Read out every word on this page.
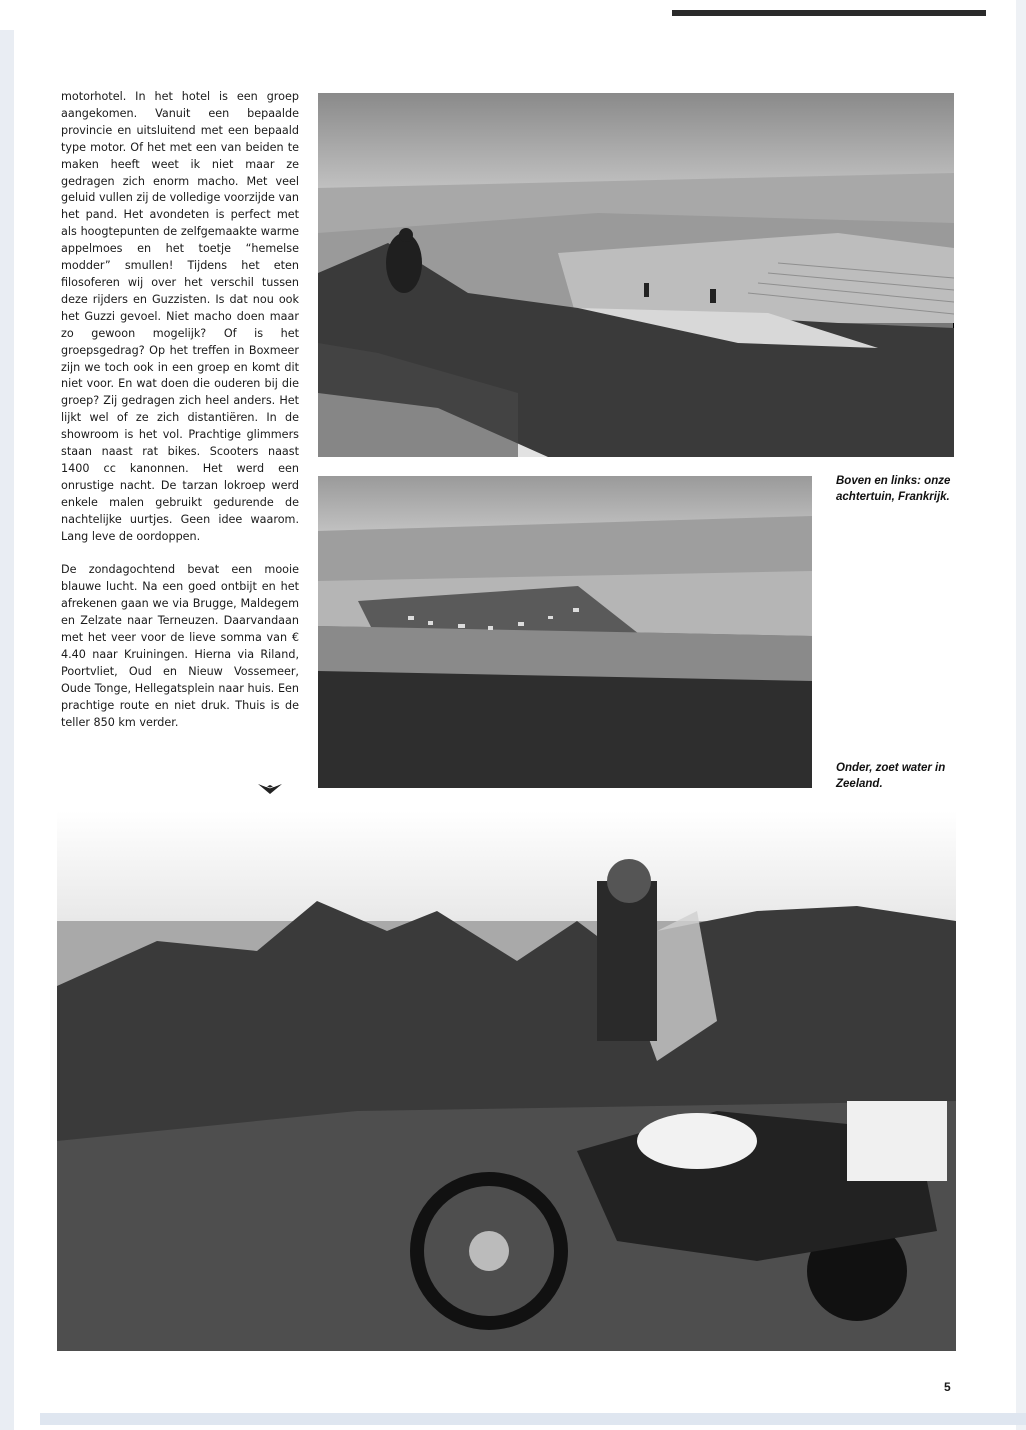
motorhotel. In het hotel is een groep aangekomen. Vanuit een bepaalde provincie en uitsluitend met een bepaald type motor. Of het met een van beiden te maken heeft weet ik niet maar ze gedragen zich enorm macho. Met veel geluid vullen zij de volledige voorzijde van het pand. Het avondeten is perfect met als hoogtepunten de zelfgemaakte warme appelmoes en het toetje “hemelse modder” smullen! Tijdens het eten filosoferen wij over het verschil tussen deze rijders en Guzzisten. Is dat nou ook het Guzzi gevoel. Niet macho doen maar zo gewoon mogelijk? Of is het groepsgedrag? Op het treffen in Boxmeer zijn we toch ook in een groep en komt dit niet voor. En wat doen die ouderen bij die groep? Zij gedragen zich heel anders. Het lijkt wel of ze zich distantiëren. In de showroom is het vol. Prachtige glimmers staan naast rat bikes. Scooters naast 1400 cc kanonnen. Het werd een onrustige nacht. De tarzan lokroep werd enkele malen gebruikt gedurende de nachtelijke uurtjes. Geen idee waarom. Lang leve de oordoppen.

De zondagochtend bevat een mooie blauwe lucht. Na een goed ontbijt en het afrekenen gaan we via Brugge, Maldegem en Zelzate naar Terneuzen. Daarvandaan met het veer voor de lieve somma van € 4.40 naar Kruiningen. Hierna via Riland, Poortvliet, Oud en Nieuw Vossemeer, Oude Tonge, Hellegatsplein naar huis. Een prachtige route en niet druk. Thuis is de teller 850 km verder.

Boven en links: onze achtertuin, Frankrijk.
Onder, zoet water in Zeeland.
5
